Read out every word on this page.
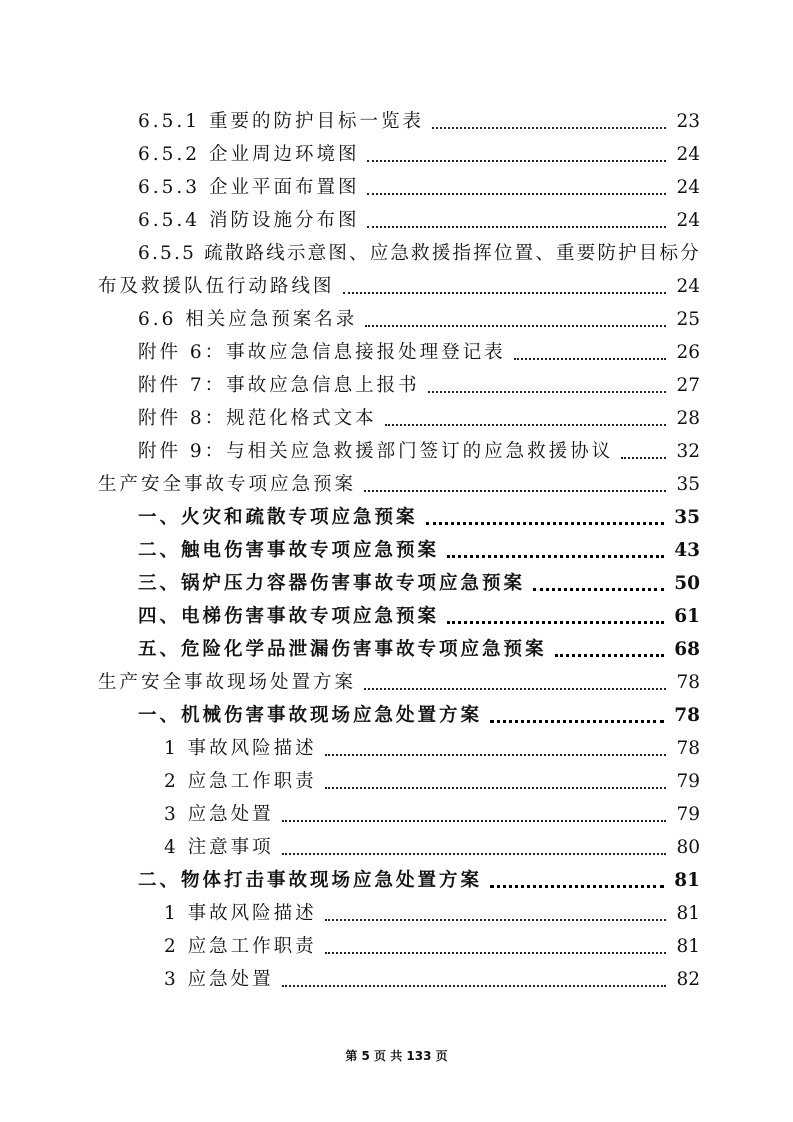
6.5.1 重要的防护目标一览表	23
6.5.2 企业周边环境图	24
6.5.3 企业平面布置图	24
6.5.4 消防设施分布图	24
6.5.5 疏散路线示意图、应急救援指挥位置、重要防护目标分
布及救援队伍行动路线图	24
6.6 相关应急预案名录	25
附件 6：事故应急信息接报处理登记表	26
附件 7：事故应急信息上报书	27
附件 8：规范化格式文本	28
附件 9：与相关应急救援部门签订的应急救援协议	32
生产安全事故专项应急预案	35
一、火灾和疏散专项应急预案	35
二、触电伤害事故专项应急预案	43
三、锅炉压力容器伤害事故专项应急预案	50
四、电梯伤害事故专项应急预案	61
五、危险化学品泄漏伤害事故专项应急预案	68
生产安全事故现场处置方案	78
一、机械伤害事故现场应急处置方案	78
1 事故风险描述	78
2 应急工作职责	79
3 应急处置	79
4 注意事项	80
二、物体打击事故现场应急处置方案	81
1 事故风险描述	81
2 应急工作职责	81
3 应急处置	82
第 5 页 共 133 页
